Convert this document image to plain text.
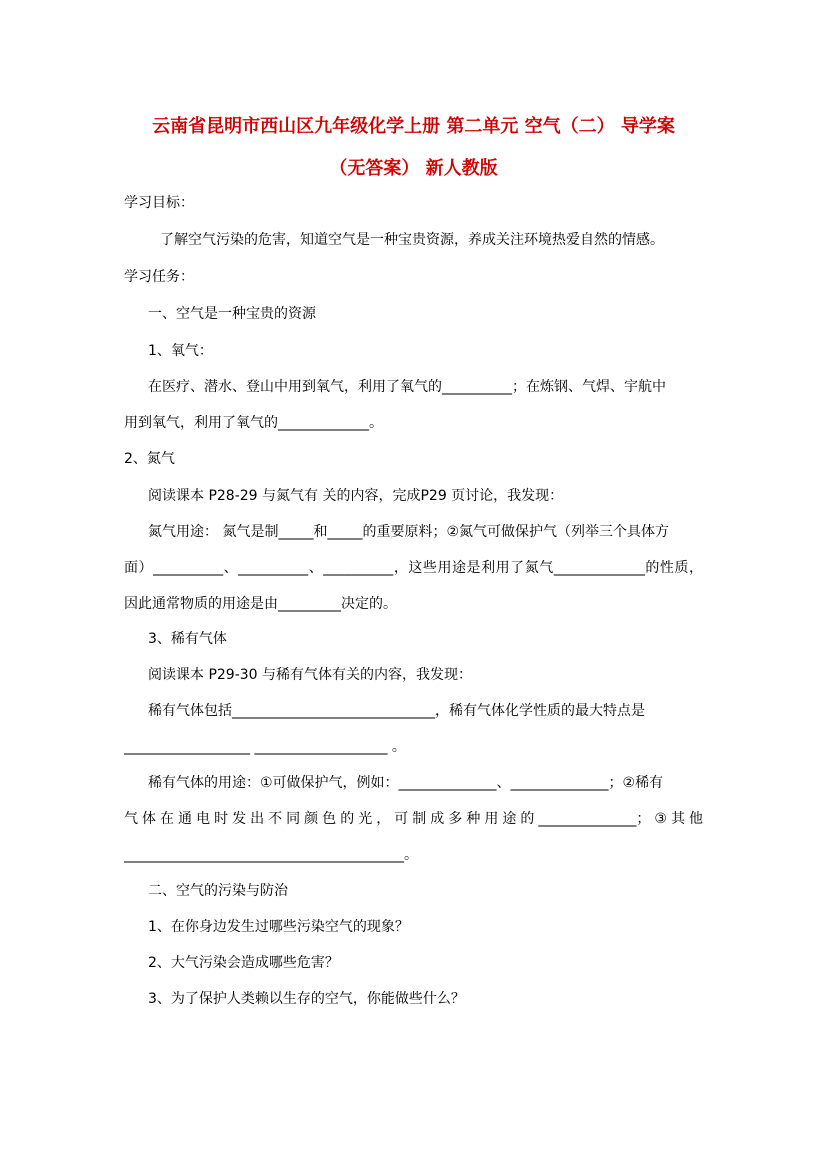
云南省昆明市西山区九年级化学上册 第二单元 空气（二） 导学案
（无答案） 新人教版
学习目标：
了解空气污染的危害，知道空气是一种宝贵资源，养成关注环境热爱自然的情感。
学习任务：
一、空气是一种宝贵的资源
1、氧气：
在医疗、潜水、登山中用到氧气，利用了氧气的__________；在炼钢、气焊、宇航中
用到氧气，利用了氧气的_____________。
2、氮气
阅读课本 P28-29 与氮气有 关的内容，完成P29 页讨论，我发现：
氮气用途： 氮气是制_____和_____的重要原料；②氮气可做保护气（列举三个具体方
面）__________、__________、__________，这些用途是利用了氮气_____________的性质，
因此通常物质的用途是由_________决定的。
3、稀有气体
阅读课本 P29-30 与稀有气体有关的内容，我发现：
稀有气体包括_____________________________，稀有气体化学性质的最大特点是
__________________ ___________________ 。
稀有气体的用途：①可做保护气，例如：______________、______________；②稀有
气体在通电时发出不同颜色的光，可制成多种用途的______________；③其他
________________________________________。
二、空气的污染与防治
1、在你身边发生过哪些污染空气的现象？
2、大气污染会造成哪些危害？
3、为了保护人类赖以生存的空气，你能做些什么？
